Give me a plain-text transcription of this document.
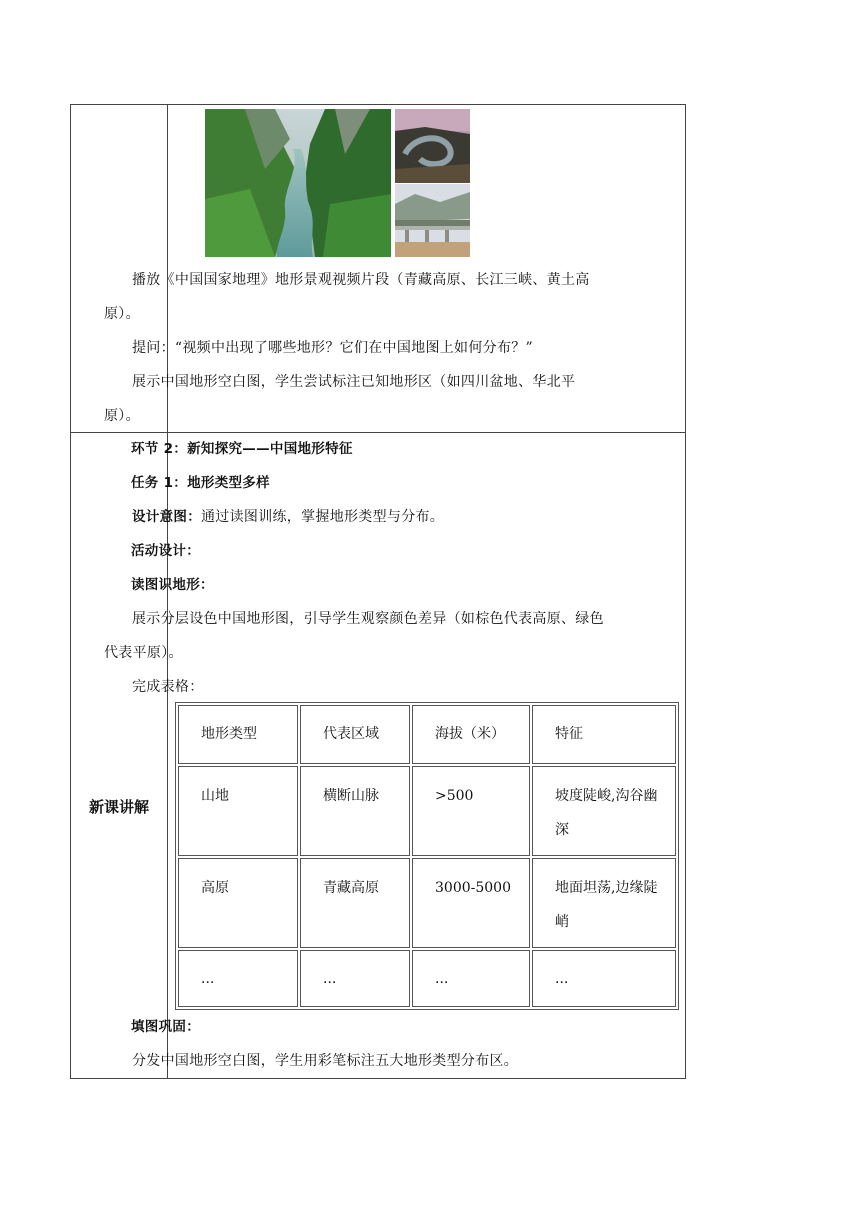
新课讲解

播放《中国国家地理》地形景观视频片段（青藏高原、长江三峡、黄土高原）。

提问：“视频中出现了哪些地形？它们在中国地图上如何分布？”

展示中国地形空白图，学生尝试标注已知地形区（如四川盆地、华北平原）。

环节 2：新知探究——中国地形特征

任务 1：地形类型多样

设计意图：通过读图训练，掌握地形类型与分布。

活动设计：

读图识地形：

展示分层设色中国地形图，引导学生观察颜色差异（如棕色代表高原、绿色代表平原）。

完成表格：

地形类型	代表区域	海拔（米）	特征
山地	横断山脉	>500	坡度陡峻,沟谷幽深
高原	青藏高原	3000-5000	地面坦荡,边缘陡峭
...	...	...	...

填图巩固：

分发中国地形空白图，学生用彩笔标注五大地形类型分布区。
